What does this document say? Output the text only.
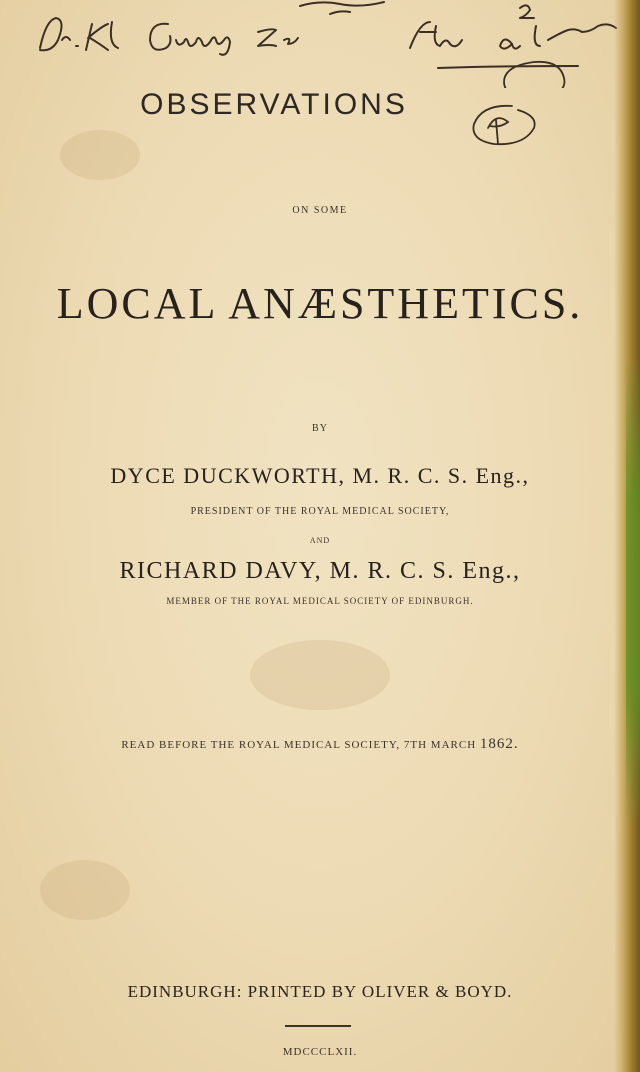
OBSERVATIONS
ON SOME
LOCAL ANÆSTHETICS.
BY
DYCE DUCKWORTH, M. R. C. S. Eng.,
PRESIDENT OF THE ROYAL MEDICAL SOCIETY,
AND
RICHARD DAVY, M. R. C. S. Eng.,
MEMBER OF THE ROYAL MEDICAL SOCIETY OF EDINBURGH.
READ BEFORE THE ROYAL MEDICAL SOCIETY, 7TH MARCH 1862.
EDINBURGH: PRINTED BY OLIVER & BOYD.
MDCCCLXII.
